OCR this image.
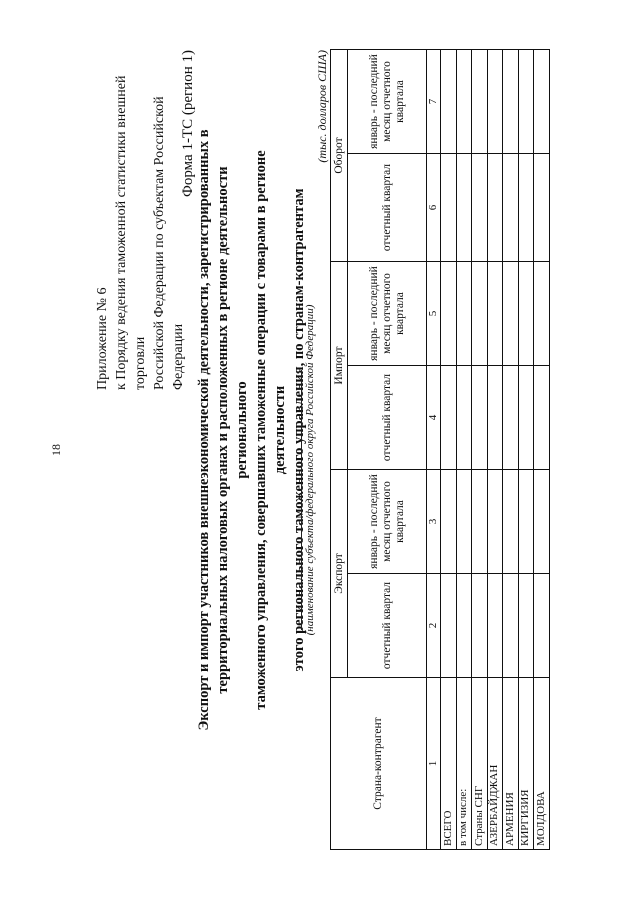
18
Приложение № 6 к Порядку ведения таможенной статистики внешней торговли Российской Федерации по субъектам Российской Федерации
Форма 1-ТС (регион 1)
Экспорт и импорт участников внешнеэкономической деятельности, зарегистрированных в территориальных налоговых органах и расположенных в регионе деятельности регионального таможенного управления, совершавших таможенные операции с товарами в регионе деятельности этого регионального таможенного управления, по странам-контрагентам
(наименование субъекта/федерального округа Российской Федерации)
(тыс. долларов США)
Страна-контрагент	Экспорт		Импорт		Оборот	
	отчетный квартал	январь - последний месяц отчетного квартала	отчетный квартал	январь - последний месяц отчетного квартала	отчетный квартал	январь - последний месяц отчетного квартала
1	2	3	4	5	6	7
ВСЕГО						
в том числе:						
Страны СНГ						
АЗЕРБАЙДЖАН						
АРМЕНИЯ						
КИРГИЗИЯ						
МОЛДОВА						
